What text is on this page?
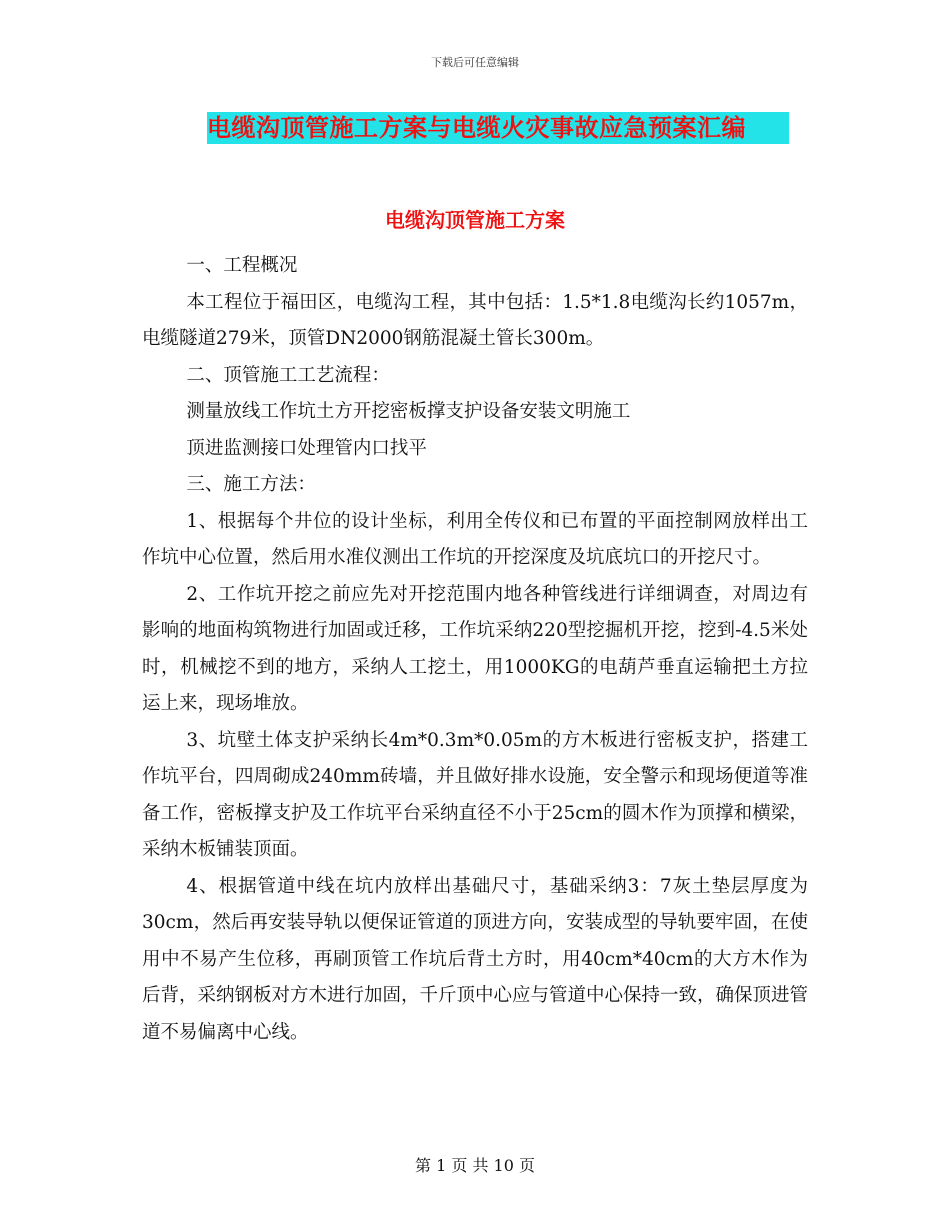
下载后可任意编辑
电缆沟顶管施工方案与电缆火灾事故应急预案汇编
电缆沟顶管施工方案

一、工程概况

本工程位于福田区，电缆沟工程，其中包括：1.5*1.8电缆沟长约1057m，电缆隧道279米，顶管DN2000钢筋混凝土管长300m。

二、顶管施工工艺流程：

测量放线工作坑土方开挖密板撑支护设备安装文明施工

顶进监测接口处理管内口找平

三、施工方法：

1、根据每个井位的设计坐标，利用全传仪和已布置的平面控制网放样出工作坑中心位置，然后用水准仪测出工作坑的开挖深度及坑底坑口的开挖尺寸。

2、工作坑开挖之前应先对开挖范围内地各种管线进行详细调查，对周边有影响的地面构筑物进行加固或迁移，工作坑采纳220型挖掘机开挖，挖到-4.5米处时，机械挖不到的地方，采纳人工挖土，用1000KG的电葫芦垂直运输把土方拉运上来，现场堆放。

3、坑壁土体支护采纳长4m*0.3m*0.05m的方木板进行密板支护，搭建工作坑平台，四周砌成240mm砖墙，并且做好排水设施，安全警示和现场便道等准备工作，密板撑支护及工作坑平台采纳直径不小于25cm的圆木作为顶撑和横梁，采纳木板铺装顶面。

4、根据管道中线在坑内放样出基础尺寸，基础采纳3：7灰土垫层厚度为30cm，然后再安装导轨以便保证管道的顶进方向，安装成型的导轨要牢固，在使用中不易产生位移，再刷顶管工作坑后背土方时，用40cm*40cm的大方木作为后背，采纳钢板对方木进行加固，千斤顶中心应与管道中心保持一致，确保顶进管道不易偏离中心线。

第 1 页 共 10 页
